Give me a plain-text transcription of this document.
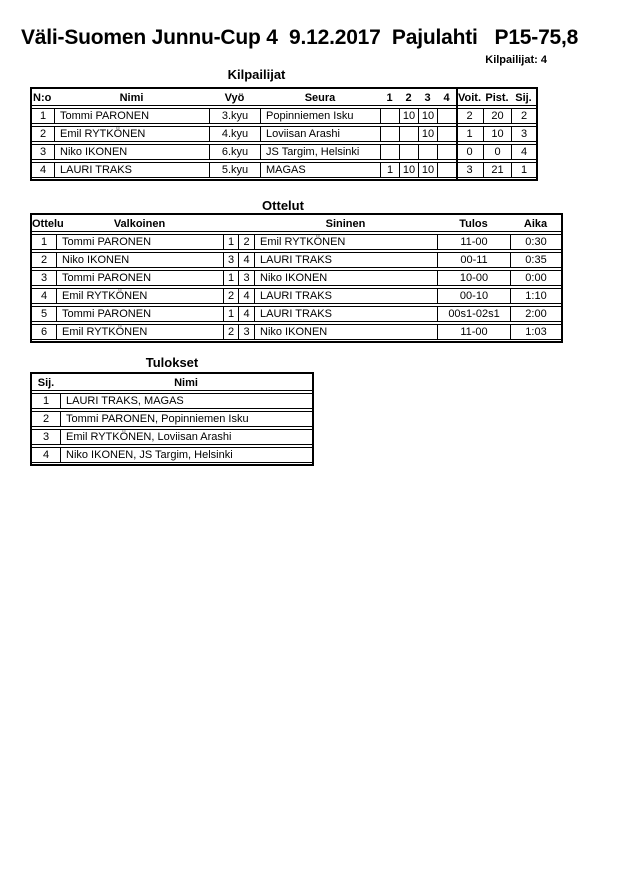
Väli-Suomen Junnu-Cup 4  9.12.2017  Pajulahti   P15-75,8
Kilpailijat: 4
Kilpailijat
N:o	Nimi	Vyö	Seura	1	2	3	4	Voit.	Pist.	Sij.
1	Tommi PARONEN	3.kyu	Popinniemen Isku		10	10		2	20	2
2	Emil RYTKÖNEN	4.kyu	Loviisan Arashi			10		1	10	3
3	Niko IKONEN	6.kyu	JS Targim, Helsinki					0	0	4
4	LAURI TRAKS	5.kyu	MAGAS	1	10	10		3	21	1
Ottelut
Ottelu	Valkoinen			Sininen	Tulos	Aika
1	Tommi PARONEN	1	2	Emil RYTKÖNEN	11-00	0:30
2	Niko IKONEN	3	4	LAURI TRAKS	00-11	0:35
3	Tommi PARONEN	1	3	Niko IKONEN	10-00	0:00
4	Emil RYTKÖNEN	2	4	LAURI TRAKS	00-10	1:10
5	Tommi PARONEN	1	4	LAURI TRAKS	00s1-02s1	2:00
6	Emil RYTKÖNEN	2	3	Niko IKONEN	11-00	1:03
Tulokset
Sij.	Nimi
1	LAURI TRAKS, MAGAS
2	Tommi PARONEN, Popinniemen Isku
3	Emil RYTKÖNEN, Loviisan Arashi
4	Niko IKONEN, JS Targim, Helsinki
